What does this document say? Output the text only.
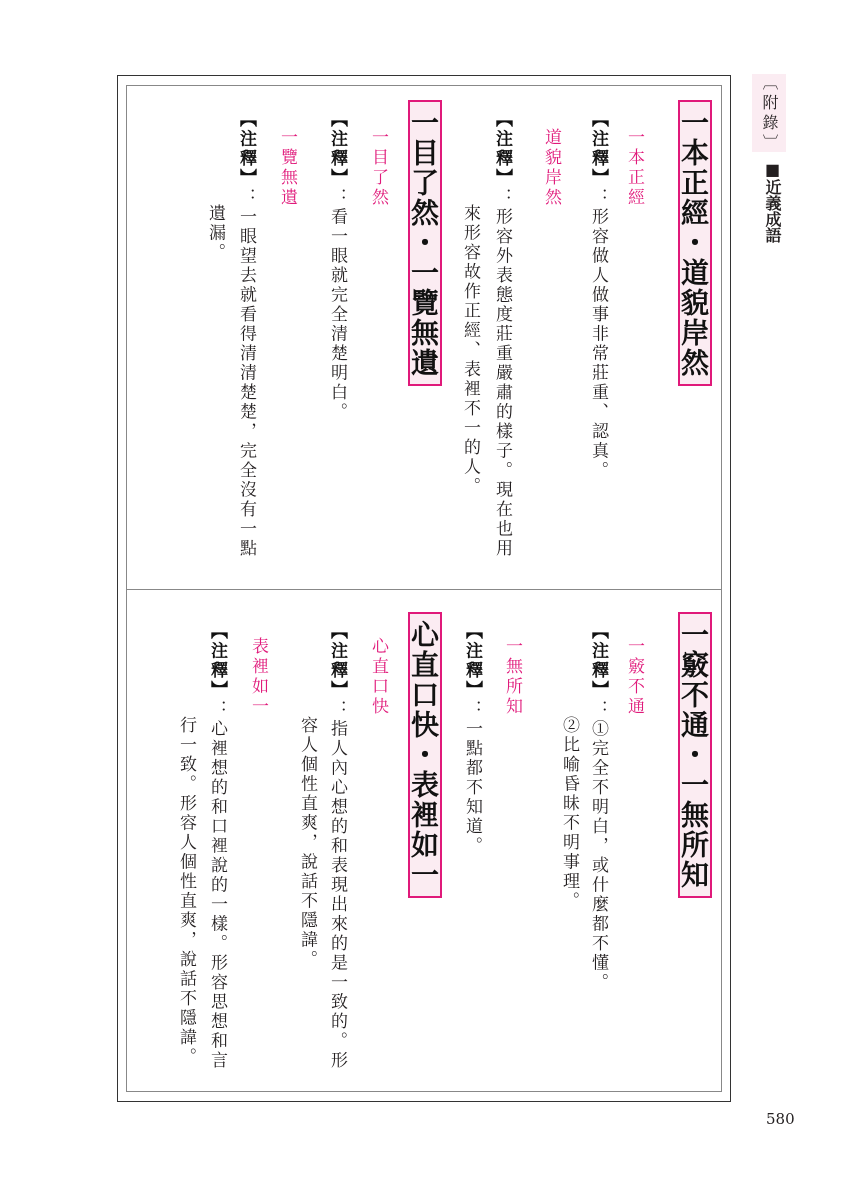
〔附錄〕
■近義成語
一本正經・道貌岸然
一本正經
【注釋】：形容做人做事非常莊重、認真。
道貌岸然
【注釋】：形容外表態度莊重嚴肅的樣子。現在也用
來形容故作正經、表裡不一的人。
一目了然・一覽無遺
一目了然
【注釋】：看一眼就完全清楚明白。
一覽無遺
【注釋】：一眼望去就看得清清楚楚，完全沒有一點
遺漏。
一竅不通・一無所知
一竅不通
【注釋】：①完全不明白，或什麼都不懂。
②比喻昏昧不明事理。
一無所知
【注釋】：一點都不知道。
心直口快・表裡如一
心直口快
【注釋】：指人內心想的和表現出來的是一致的。形
容人個性直爽，說話不隱諱。
表裡如一
【注釋】：心裡想的和口裡說的一樣。形容思想和言
行一致。形容人個性直爽，說話不隱諱。
580
